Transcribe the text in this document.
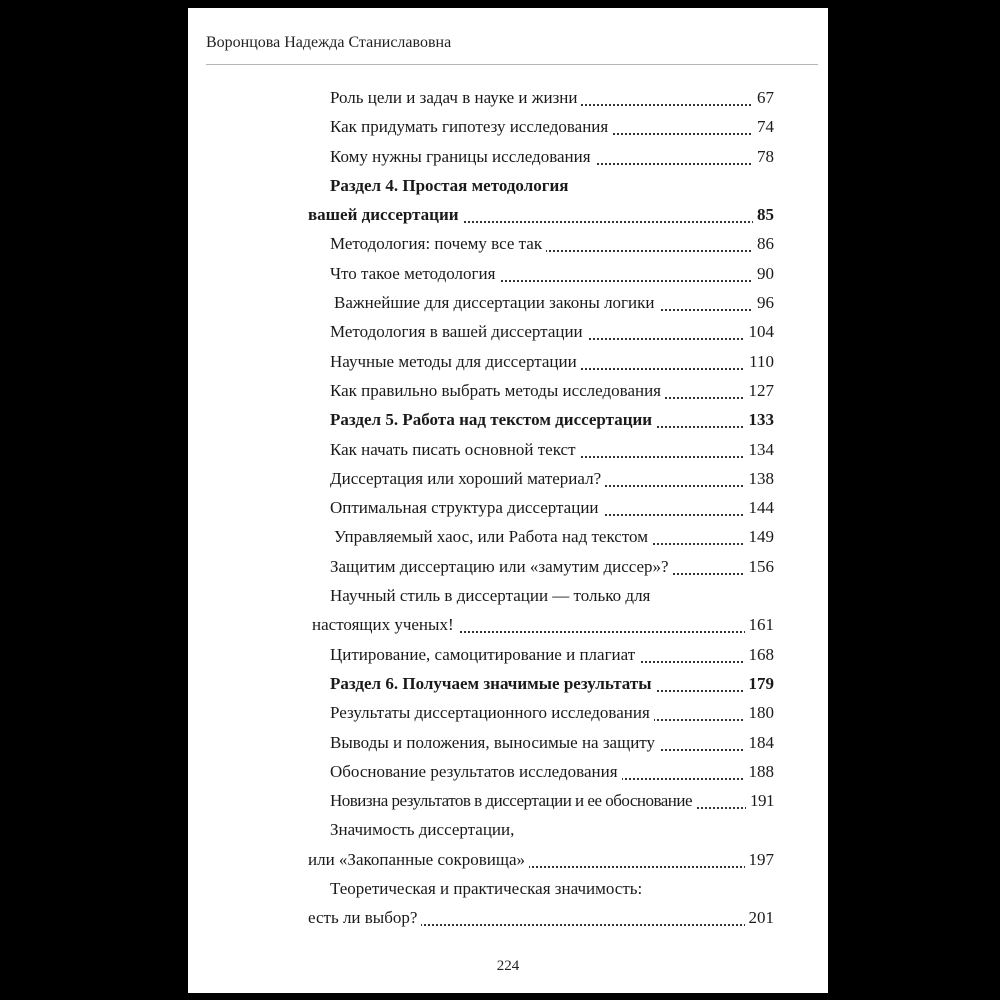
Воронцова Надежда Станиславовна
Роль цели и задач в науке и жизни	67
Как придумать гипотезу исследования	74
Кому нужны границы исследования	78
Раздел 4. Простая методология
вашей диссертации	85
Методология: почему все так	86
Что такое методология	90
Важнейшие для диссертации законы логики	96
Методология в вашей диссертации	104
Научные методы для диссертации	110
Как правильно выбрать методы исследования	127
Раздел 5. Работа над текстом диссертации	133
Как начать писать основной текст	134
Диссертация или хороший материал?	138
Оптимальная структура диссертации	144
Управляемый хаос, или Работа над текстом	149
Защитим диссертацию или «замутим диссер»?	156
Научный стиль в диссертации — только для
настоящих ученых!	161
Цитирование, самоцитирование и плагиат	168
Раздел 6. Получаем значимые результаты	179
Результаты диссертационного исследования	180
Выводы и положения, выносимые на защиту	184
Обоснование результатов исследования	188
Новизна результатов в диссертации и ее обоснование	191
Значимость диссертации,
или «Закопанные сокровища»	197
Теоретическая и практическая значимость:
есть ли выбор?	201
224
